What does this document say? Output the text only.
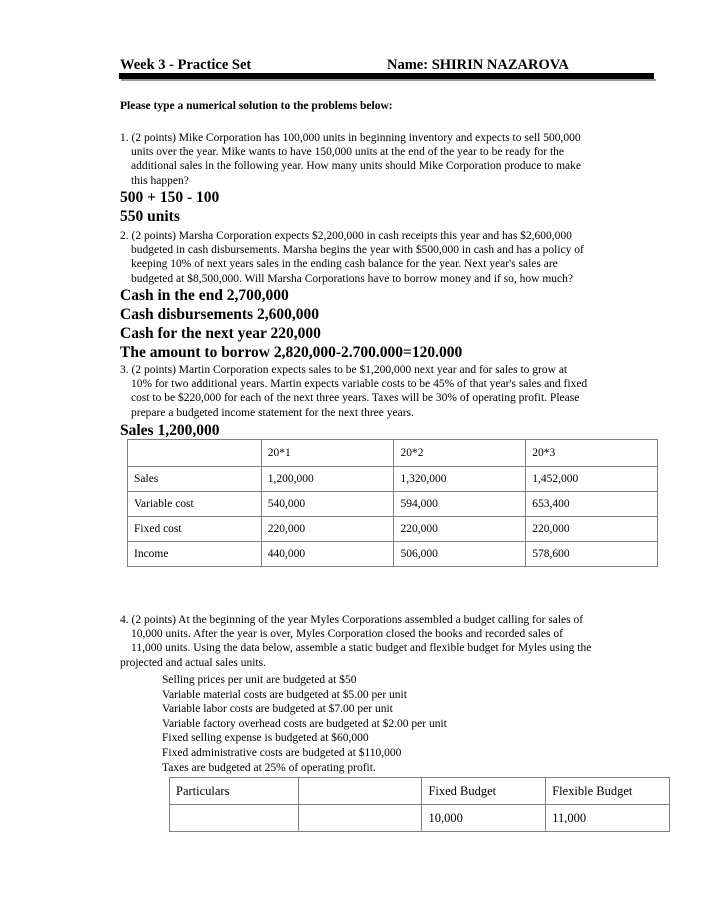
Week 3 - Practice Set	Name: SHIRIN NAZAROVA
Please type a numerical solution to the problems below:
1. (2 points) Mike Corporation has 100,000 units in beginning inventory and expects to sell 500,000
units over the year. Mike wants to have 150,000 units at the end of the year to be ready for the
additional sales in the following year. How many units should Mike Corporation produce to make
this happen?
500 + 150 - 100
550 units
2. (2 points) Marsha Corporation expects $2,200,000 in cash receipts this year and has $2,600,000
budgeted in cash disbursements. Marsha begins the year with $500,000 in cash and has a policy of
keeping 10% of next years sales in the ending cash balance for the year. Next year's sales are
budgeted at $8,500,000. Will Marsha Corporations have to borrow money and if so, how much?
Cash in the end 2,700,000
Cash disbursements 2,600,000
Cash for the next year 220,000
The amount to borrow 2,820,000-2.700.000=120.000
3. (2 points) Martin Corporation expects sales to be $1,200,000 next year and for sales to grow at
10% for two additional years. Martin expects variable costs to be 45% of that year's sales and fixed
cost to be $220,000 for each of the next three years. Taxes will be 30% of operating profit. Please
prepare a budgeted income statement for the next three years.
Sales 1,200,000
	20*1	20*2	20*3
Sales	1,200,000	1,320,000	1,452,000
Variable cost	540,000	594,000	653,400
Fixed cost	220,000	220,000	220,000
Income	440,000	506,000	578,600
4. (2 points) At the beginning of the year Myles Corporations assembled a budget calling for sales of
10,000 units. After the year is over, Myles Corporation closed the books and recorded sales of
11,000 units. Using the data below, assemble a static budget and flexible budget for Myles using the
projected and actual sales units.
Selling prices per unit are budgeted at $50
Variable material costs are budgeted at $5.00 per unit
Variable labor costs are budgeted at $7.00 per unit
Variable factory overhead costs are budgeted at $2.00 per unit
Fixed selling expense is budgeted at $60,000
Fixed administrative costs are budgeted at $110,000
Taxes are budgeted at 25% of operating profit.
Particulars		Fixed Budget	Flexible Budget
		10,000	11,000
